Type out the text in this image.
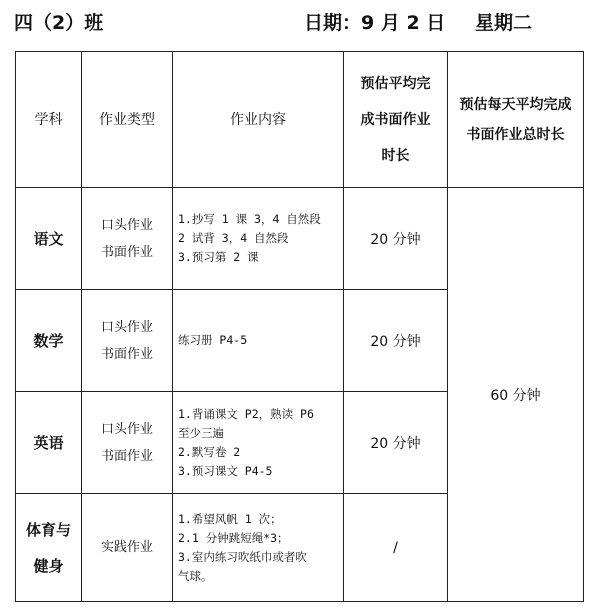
四（2）班	日期：9 月 2 日 星期二
学科	作业类型	作业内容	预估平均完
成书面作业
时长	预估每天平均完成
书面作业总时长

语文	口头作业
书面作业	1.抄写 1 课 3，4 自然段
2 试背 3，4 自然段
3.预习第 2 课	20 分钟	60 分钟

数学	口头作业
书面作业	练习册 P4-5	20 分钟	

英语	口头作业
书面作业	1.背诵课文 P2，熟读 P6
至少三遍
2.默写卷 2
3.预习课文 P4-5	20 分钟	

体育与
健身	实践作业	1.希望风帆 1 次；
2.1 分钟跳短绳*3；
3.室内练习吹纸巾或者吹
气球。	/	
